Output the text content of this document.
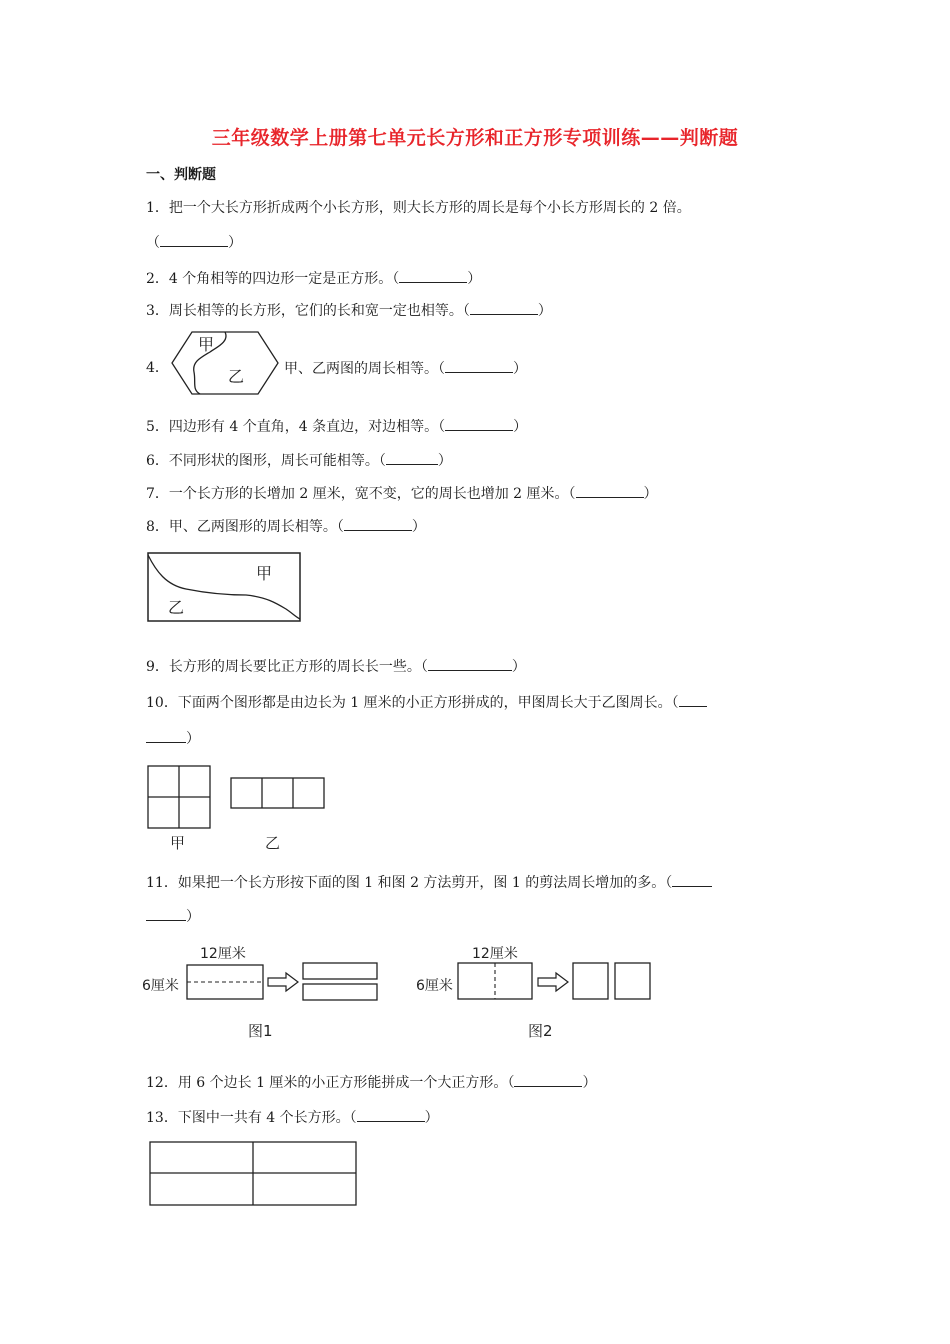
三年级数学上册第七单元长方形和正方形专项训练——判断题
一、判断题
1．把一个大长方形折成两个小长方形，则大长方形的周长是每个小长方形周长的 2 倍。
（	）
2．4 个角相等的四边形一定是正方形。（	）
3．周长相等的长方形，它们的长和宽一定也相等。（	）
4．
甲
乙	甲、乙两图的周长相等。（	）
5．四边形有 4 个直角，4 条直边，对边相等。（	）
6．不同形状的图形，周长可能相等。（	）
7．一个长方形的长增加 2 厘米，宽不变，它的周长也增加 2 厘米。（	）
8．甲、乙两图形的周长相等。（	）
甲
乙
9．长方形的周长要比正方形的周长长一些。（	）
10．下面两个图形都是由边长为 1 厘米的小正方形拼成的，甲图周长大于乙图周长。（
）
甲	乙
11．如果把一个长方形按下面的图 1 和图 2 方法剪开，图 1 的剪法周长增加的多。（
）
12厘米
6厘米
图1
12厘米
6厘米
图2
12．用 6 个边长 1 厘米的小正方形能拼成一个大正方形。（	）
13．下图中一共有 4 个长方形。（	）
